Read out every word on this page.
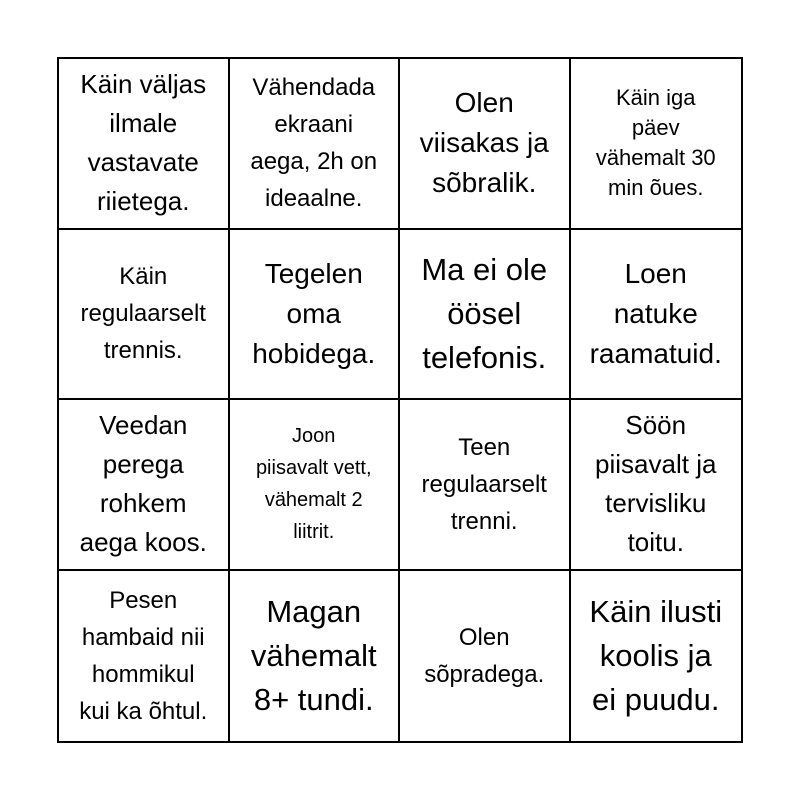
Käin väljas
ilmale
vastavate
riietega.
Vähendada
ekraani
aega, 2h on
ideaalne.
Olen
viisakas ja
sõbralik.
Käin iga
päev
vähemalt 30
min õues.
Käin
regulaarselt
trennis.
Tegelen
oma
hobidega.
Ma ei ole
öösel
telefonis.
Loen
natuke
raamatuid.
Veedan
perega
rohkem
aega koos.
Joon
piisavalt vett,
vähemalt 2
liitrit.
Teen
regulaarselt
trenni.
Söön
piisavalt ja
tervisliku
toitu.
Pesen
hambaid nii
hommikul
kui ka õhtul.
Magan
vähemalt
8+ tundi.
Olen
sõpradega.
Käin ilusti
koolis ja
ei puudu.
